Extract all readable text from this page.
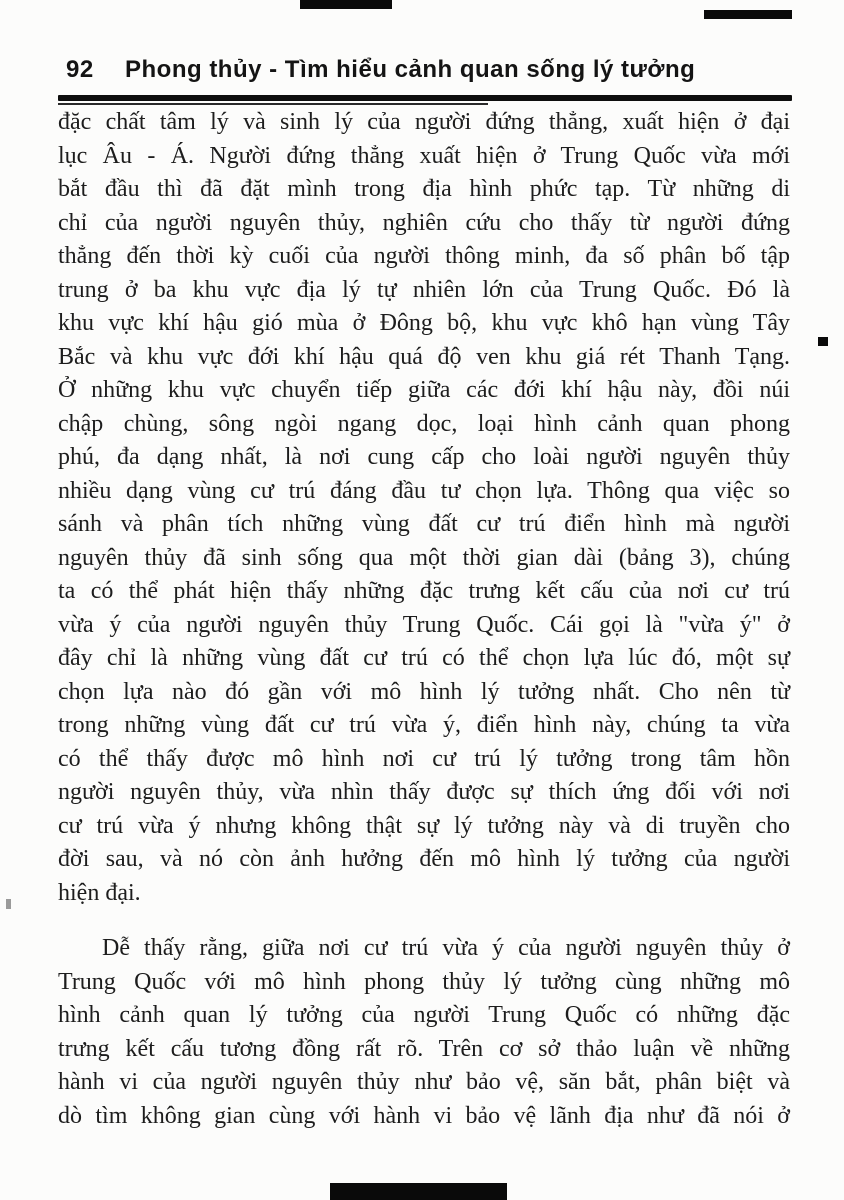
92 Phong thủy - Tìm hiểu cảnh quan sống lý tưởng
đặc chất tâm lý và sinh lý của người đứng thẳng, xuất hiện ở đại
lục Âu - Á. Người đứng thẳng xuất hiện ở Trung Quốc vừa mới
bắt đầu thì đã đặt mình trong địa hình phức tạp. Từ những di
chỉ của người nguyên thủy, nghiên cứu cho thấy từ người đứng
thẳng đến thời kỳ cuối của người thông minh, đa số phân bố tập
trung ở ba khu vực địa lý tự nhiên lớn của Trung Quốc. Đó là
khu vực khí hậu gió mùa ở Đông bộ, khu vực khô hạn vùng Tây
Bắc và khu vực đới khí hậu quá độ ven khu giá rét Thanh Tạng.
Ở những khu vực chuyển tiếp giữa các đới khí hậu này, đồi núi
chập chùng, sông ngòi ngang dọc, loại hình cảnh quan phong
phú, đa dạng nhất, là nơi cung cấp cho loài người nguyên thủy
nhiều dạng vùng cư trú đáng đầu tư chọn lựa. Thông qua việc so
sánh và phân tích những vùng đất cư trú điển hình mà người
nguyên thủy đã sinh sống qua một thời gian dài (bảng 3), chúng
ta có thể phát hiện thấy những đặc trưng kết cấu của nơi cư trú
vừa ý của người nguyên thủy Trung Quốc. Cái gọi là "vừa ý" ở
đây chỉ là những vùng đất cư trú có thể chọn lựa lúc đó, một sự
chọn lựa nào đó gần với mô hình lý tưởng nhất. Cho nên từ
trong những vùng đất cư trú vừa ý, điển hình này, chúng ta vừa
có thể thấy được mô hình nơi cư trú lý tưởng trong tâm hồn
người nguyên thủy, vừa nhìn thấy được sự thích ứng đối với nơi
cư trú vừa ý nhưng không thật sự lý tưởng này và di truyền cho
đời sau, và nó còn ảnh hưởng đến mô hình lý tưởng của người
hiện đại.
Dễ thấy rằng, giữa nơi cư trú vừa ý của người nguyên thủy ở
Trung Quốc với mô hình phong thủy lý tưởng cùng những mô
hình cảnh quan lý tưởng của người Trung Quốc có những đặc
trưng kết cấu tương đồng rất rõ. Trên cơ sở thảo luận về những
hành vi của người nguyên thủy như bảo vệ, săn bắt, phân biệt và
dò tìm không gian cùng với hành vi bảo vệ lãnh địa như đã nói ở
